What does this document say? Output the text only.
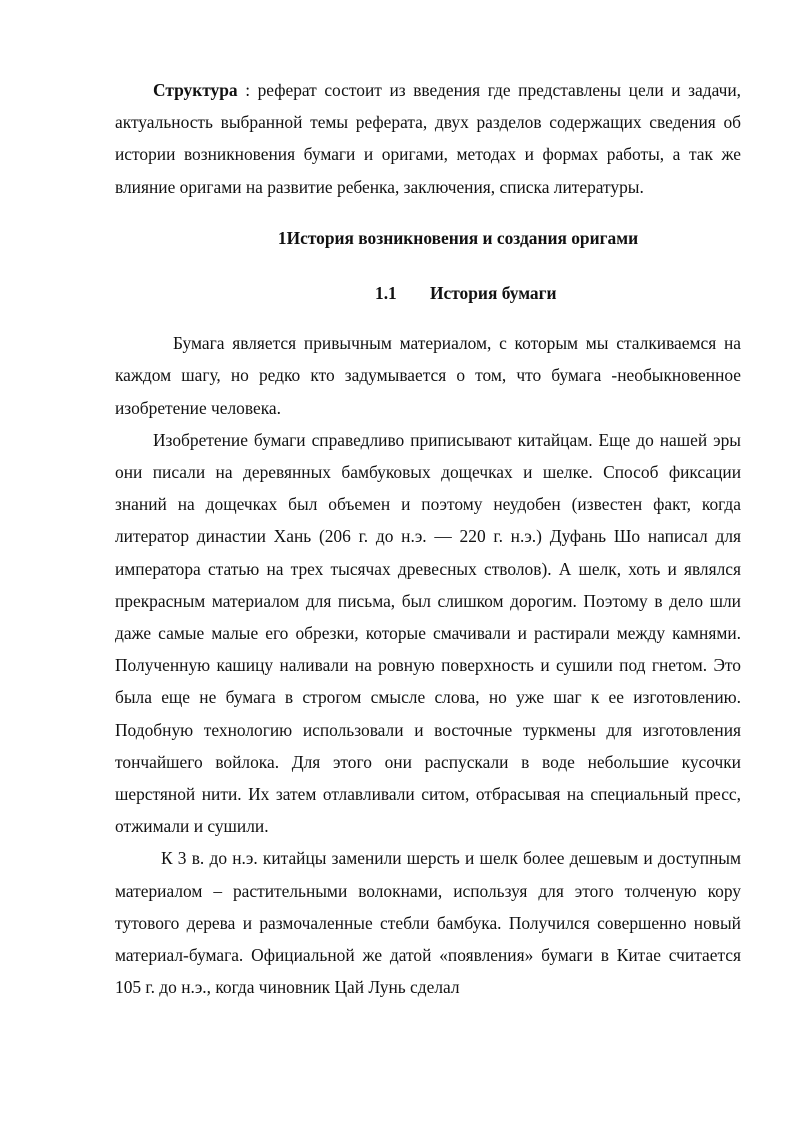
Структура : реферат состоит из введения где представлены цели и задачи, актуальность выбранной темы реферата, двух разделов содержащих сведения об истории возникновения бумаги и оригами, методах и формах работы, а так же влияние оригами на развитие ребенка, заключения, списка литературы.

1История возникновения и создания оригами
1.1	История бумаги

Бумага является привычным материалом, с которым мы сталкиваемся на каждом шагу, но редко кто задумывается о том, что бумага -необыкновенное изобретение человека.

Изобретение бумаги справедливо приписывают китайцам. Еще до нашей эры они писали на деревянных бамбуковых дощечках и шелке. Способ фиксации знаний на дощечках был объемен и поэтому неудобен (известен факт, когда литератор династии Хань (206 г. до н.э. — 220 г. н.э.) Дуфань Шо написал для императора статью на трех тысячах древесных стволов). А шелк, хоть и являлся прекрасным материалом для письма, был слишком дорогим. Поэтому в дело шли даже самые малые его обрезки, которые смачивали и растирали между камнями. Полученную кашицу наливали на ровную поверхность и сушили под гнетом. Это была еще не бумага в строгом смысле слова, но уже шаг к ее изготовлению. Подобную технологию использовали и восточные туркмены для изготовления тончайшего войлока. Для этого они распускали в воде небольшие кусочки шерстяной нити. Их затем отлавливали ситом, отбрасывая на специальный пресс, отжимали и сушили.

К 3 в. до н.э. китайцы заменили шерсть и шелк более дешевым и доступным материалом – растительными волокнами, используя для этого толченую кору тутового дерева и размочаленные стебли бамбука. Получился совершенно новый материал-бумага. Официальной же датой «появления» бумаги в Китае считается 105 г. до н.э., когда чиновник Цай Лунь сделал
